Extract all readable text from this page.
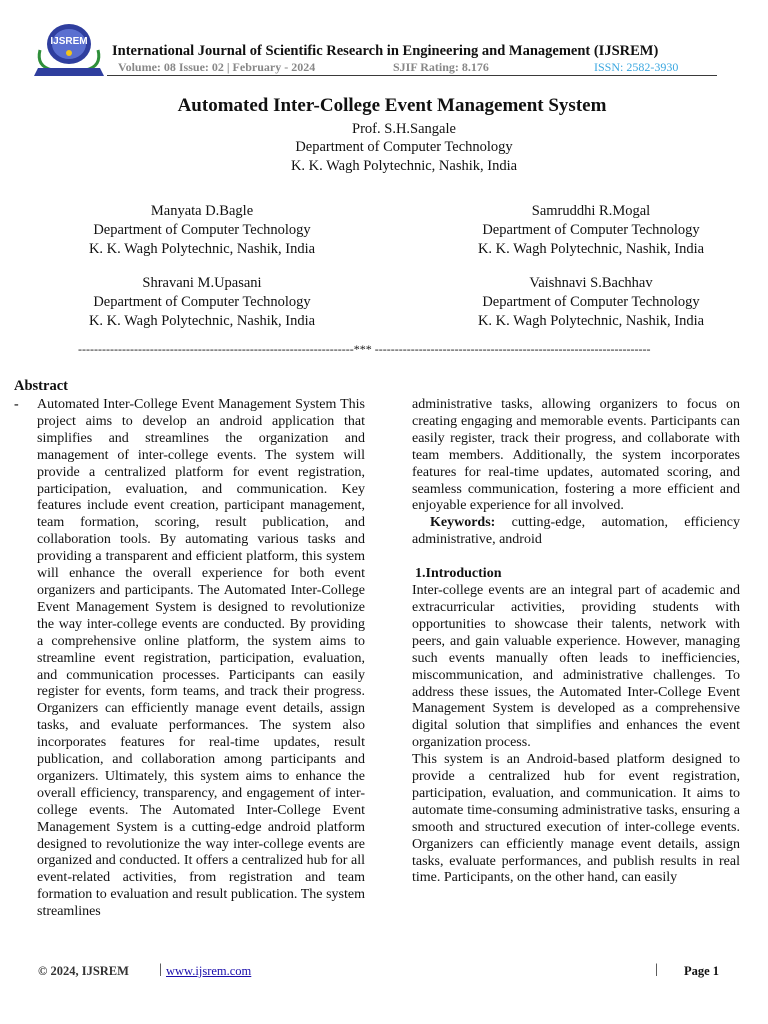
IJSREM
International Journal of Scientific Research in Engineering and Management (IJSREM)
Volume: 08 Issue: 02 | February - 2024	SJIF Rating: 8.176	ISSN: 2582-3930
Automated Inter-College Event Management System
Prof. S.H.Sangale
Department of Computer Technology
K. K. Wagh Polytechnic, Nashik, India
Manyata D.Bagle
Department of Computer Technology
K. K. Wagh Polytechnic, Nashik, India
Samruddhi R.Mogal
Department of Computer Technology
K. K. Wagh Polytechnic, Nashik, India
Shravani M.Upasani
Department of Computer Technology
K. K. Wagh Polytechnic, Nashik, India
Vaishnavi S.Bachhav
Department of Computer Technology
K. K. Wagh Polytechnic, Nashik, India
---------------------------------------------------------------------*** ---------------------------------------------------------------------
Abstract
- Automated Inter-College Event Management System This project aims to develop an android application that simplifies and streamlines the organization and management of inter-college events. The system will provide a centralized platform for event registration, participation, evaluation, and communication. Key features include event creation, participant management, team formation, scoring, result publication, and collaboration tools. By automating various tasks and providing a transparent and efficient platform, this system will enhance the overall experience for both event organizers and participants. The Automated Inter-College Event Management System is designed to revolutionize the way inter-college events are conducted. By providing a comprehensive online platform, the system aims to streamline event registration, participation, evaluation, and communication processes. Participants can easily register for events, form teams, and track their progress. Organizers can efficiently manage event details, assign tasks, and evaluate performances. The system also incorporates features for real-time updates, result publication, and collaboration among participants and organizers. Ultimately, this system aims to enhance the overall efficiency, transparency, and engagement of inter-college events. The Automated Inter-College Event Management System is a cutting-edge android platform designed to revolutionize the way inter-college events are organized and conducted. It offers a centralized hub for all event-related activities, from registration and team formation to evaluation and result publication. The system streamlines

administrative tasks, allowing organizers to focus on creating engaging and memorable events. Participants can easily register, track their progress, and collaborate with team members. Additionally, the system incorporates features for real-time updates, automated scoring, and seamless communication, fostering a more efficient and enjoyable experience for all involved.

Keywords: cutting-edge, automation, efficiency administrative, android

1.Introduction

Inter-college events are an integral part of academic and extracurricular activities, providing students with opportunities to showcase their talents, network with peers, and gain valuable experience. However, managing such events manually often leads to inefficiencies, miscommunication, and administrative challenges. To address these issues, the Automated Inter-College Event Management System is developed as a comprehensive digital solution that simplifies and enhances the event organization process.

This system is an Android-based platform designed to provide a centralized hub for event registration, participation, evaluation, and communication. It aims to automate time-consuming administrative tasks, ensuring a smooth and structured execution of inter-college events. Organizers can efficiently manage event details, assign tasks, evaluate performances, and publish results in real time. Participants, on the other hand, can easily

© 2024, IJSREM | www.ijsrem.com	| Page 1
